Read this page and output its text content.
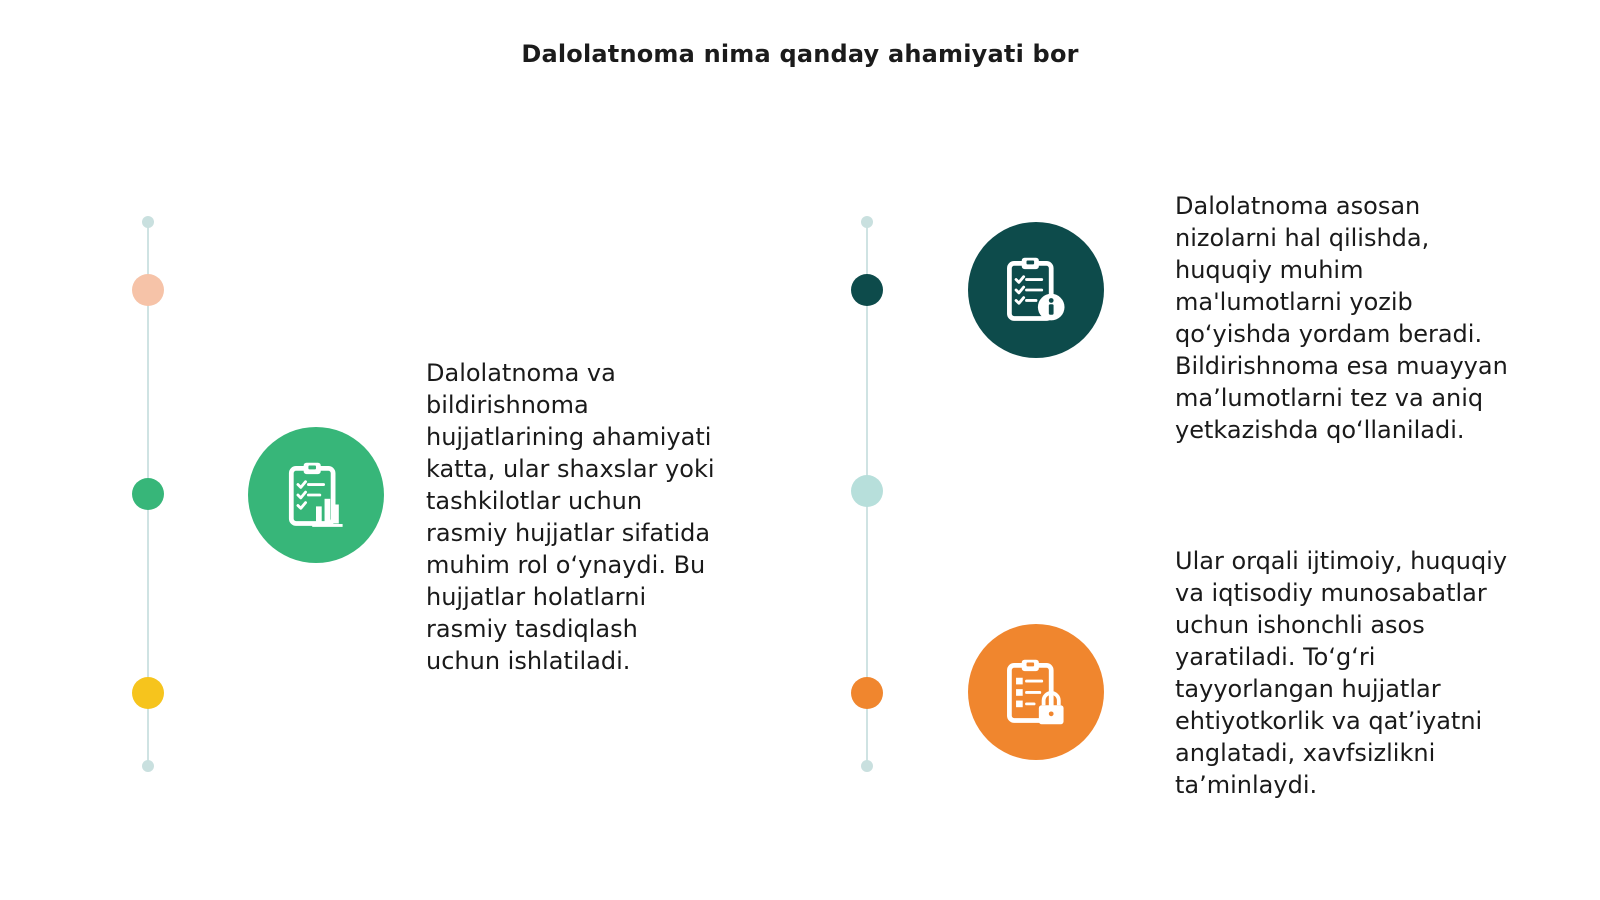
Dalolatnoma nima qanday ahamiyati bor
Dalolatnoma va
bildirishnoma
hujjatlarining ahamiyati
katta, ular shaxslar yoki
tashkilotlar uchun
rasmiy hujjatlar sifatida
muhim rol o‘ynaydi. Bu
hujjatlar holatlarni
rasmiy tasdiqlash
uchun ishlatiladi.
Dalolatnoma asosan
nizolarni hal qilishda,
huquqiy muhim
ma'lumotlarni yozib
qo‘yishda yordam beradi.
Bildirishnoma esa muayyan
ma’lumotlarni tez va aniq
yetkazishda qo‘llaniladi.
Ular orqali ijtimoiy, huquqiy
va iqtisodiy munosabatlar
uchun ishonchli asos
yaratiladi. To‘g‘ri
tayyorlangan hujjatlar
ehtiyotkorlik va qat’iyatni
anglatadi, xavfsizlikni
ta’minlaydi.
